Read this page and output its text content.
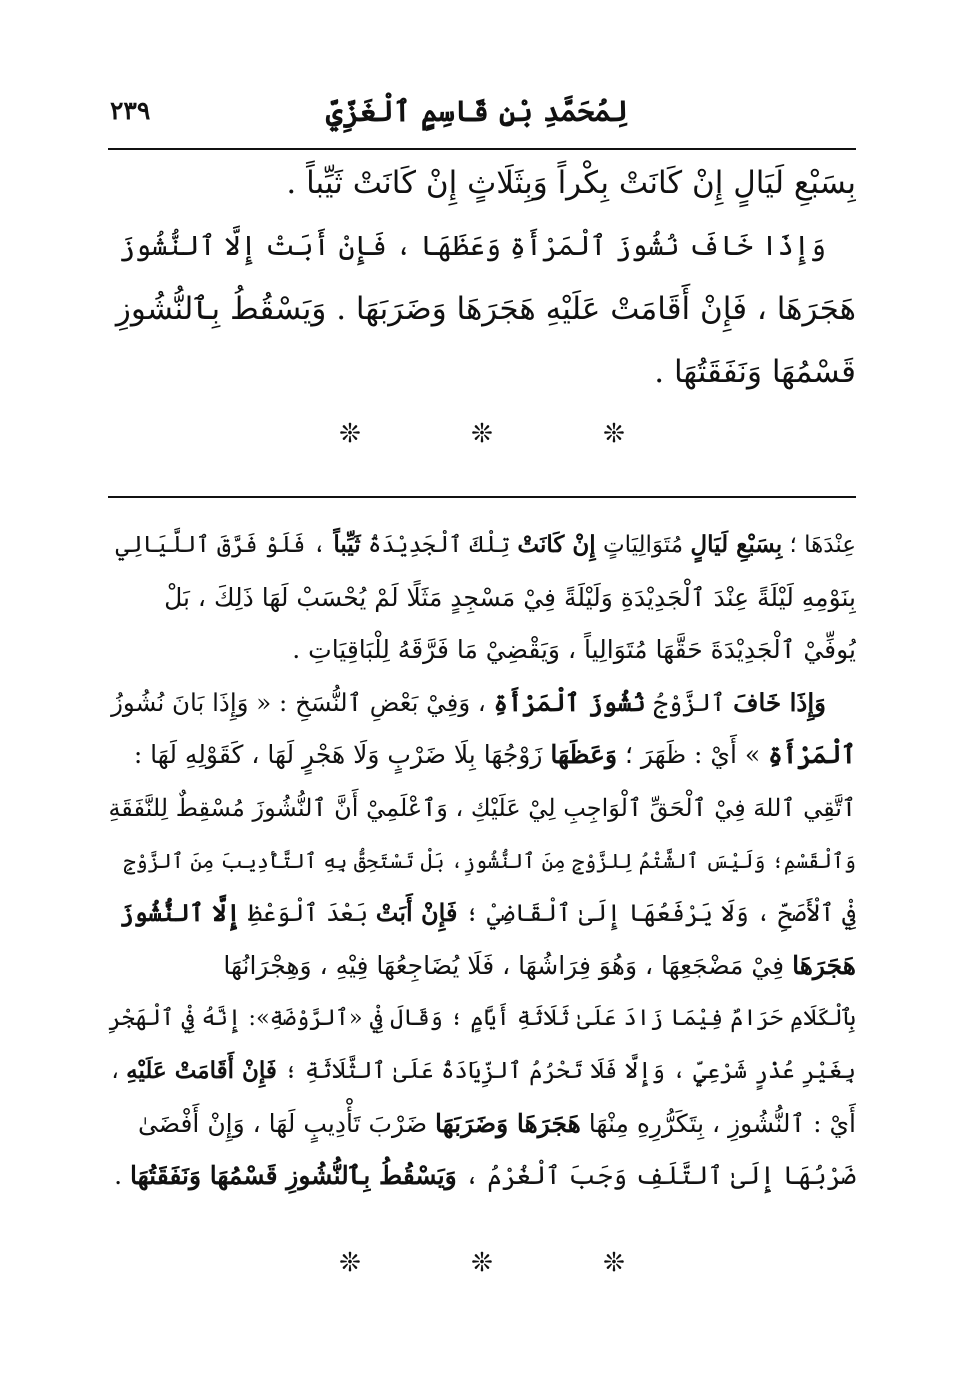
لِمُحَمَّدِ بْنِ قَاسِمٍ ٱلْغَزِّيِّ
٢٣٩
بِسَبْعِ لَيَالٍ إِنْ كَانَتْ بِكْراً وَبِثَلَاثٍ إِنْ كَانَتْ ثَيِّباً .
وَإِذَا خَافَ نُشُوزَ ٱلْمَرْأَةِ وَعَظَهَا ، فَإِنْ أَبَتْ إِلَّا ٱلنُّشُوزَ
هَجَرَهَا ، فَإِنْ أَقَامَتْ عَلَيْهِ هَجَرَهَا وَضَرَبَهَا . وَيَسْقُطُ بِٱلنُّشُوزِ
قَسْمُهَا وَنَفَقَتُهَا .
❊	❊	❊
عِنْدَهَا ؛ بِسَبْعِ لَيَالٍ مُتَوَالِيَاتٍ إِنْ كَانَتْ تِلْكَ ٱلْجَدِيْدَةُ ثَيِّباً ، فَلَوْ فَرَّقَ ٱللَّيَالِي
بِنَوْمِهِ لَيْلَةً عِنْدَ ٱلْجَدِيْدَةِ وَلَيْلَةً فِيْ مَسْجِدٍ مَثَلًا لَمْ يُحْسَبْ لَهَا ذَلِكَ ، بَلْ
يُوفِّيْ ٱلْجَدِيْدَةَ حَقَّهَا مُتَوَالِياً ، وَيَقْضِيْ مَا فَرَّقَهُ لِلْبَاقِيَاتِ .
وَإِذَا خَافَ ٱلزَّوْجُ نُشُوزَ ٱلْمَرْأَةِ ، وَفِيْ بَعْضِ ٱلنُّسَخِ : « وَإِذَا بَانَ نُشُوزُ
ٱلْمَرْأَةِ » أَيْ : ظَهَرَ ؛ وَعَظَهَا زَوْجُهَا بِلَا ضَرْبٍ وَلَا هَجْرٍ لَهَا ، كَقَوْلِهِ لَهَا :
ٱتَّقِي ٱللهَ فِيْ ٱلْحَقِّ ٱلْوَاجِبِ لِيْ عَلَيْكِ ، وَٱعْلَمِيْ أَنَّ ٱلنُّشُوزَ مُسْقِطٌ لِلنَّفَقَةِ
وَٱلْقَسْمِ؛ وَلَيْسَ ٱلشَّتْمُ لِلزَّوْجِ مِنَ ٱلنُّشُوزِ، بَلْ تَسْتَحِقُّ بِهِ ٱلتَّأْدِيبَ مِنَ ٱلزَّوْجِ
فِيْ ٱلْأَصَحِّ ، وَلَا يَرْفَعُهَا إِلَىٰ ٱلْقَاضِيْ ؛ فَإِنْ أَبَتْ بَعْدَ ٱلْوَعْظِ إِلَّا ٱلنُّشُوزَ
هَجَرَهَا فِيْ مَضْجَعِهَا ، وَهُوَ فِرَاشُهَا ، فَلَا يُضَاجِعُهَا فِيْهِ ، وَهِجْرَانُهَا
بِٱلْكَلَامِ حَرَامٌ فِيْمَا زَادَ عَلَىٰ ثَلَاثَةِ أَيَّامٍ ؛ وَقَالَ فِيْ «ٱلرَّوْضَةِ»: إِنَّهُ فِيْ ٱلْهَجْرِ
بِغَيْرِ عُذْرٍ شَرْعِيٍّ ، وَإِلَّا فَلَا تَحْرُمُ ٱلزِّيَادَةُ عَلَىٰ ٱلثَّلَاثَةِ ؛ فَإِنْ أَقَامَتْ عَلَيْهِ ،
أَيْ : ٱلنُّشُوزِ ، بِتَكَرُّرِهِ مِنْهَا هَجَرَهَا وَضَرَبَهَا ضَرْبَ تَأْدِيبٍ لَهَا ، وَإِنْ أَفْضَىٰ
ضَرْبُهَا إِلَىٰ ٱلتَّلَفِ وَجَبَ ٱلْغُرْمُ ، وَيَسْقُطُ بِٱلنُّشُوزِ قَسْمُهَا وَنَفَقَتُهَا .
❊	❊	❊
